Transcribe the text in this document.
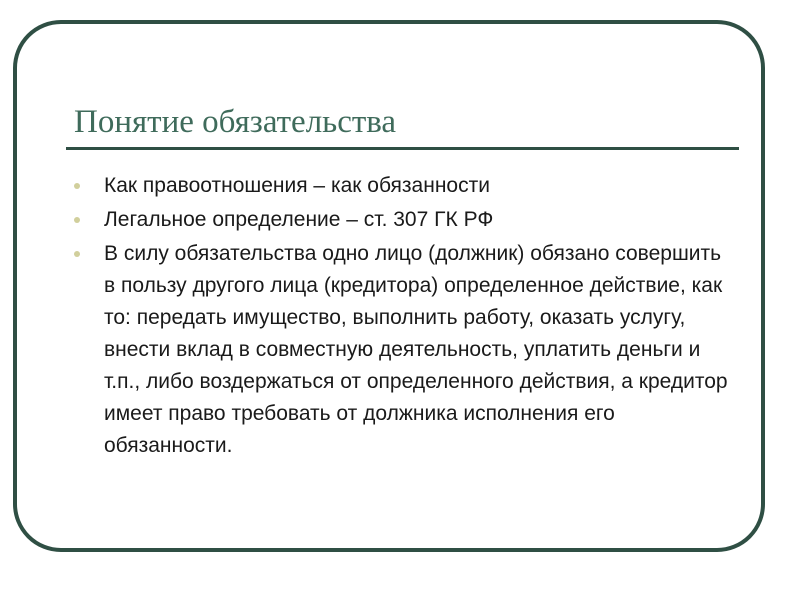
Понятие обязательства
Как правоотношения – как обязанности
Легальное определение – ст. 307 ГК РФ
В силу обязательства одно лицо (должник) обязано совершить в пользу другого лица (кредитора) определенное действие, как то: передать имущество, выполнить работу, оказать услугу, внести вклад в совместную деятельность, уплатить деньги и т.п., либо воздержаться от определенного действия, а кредитор имеет право требовать от должника исполнения его обязанности.
